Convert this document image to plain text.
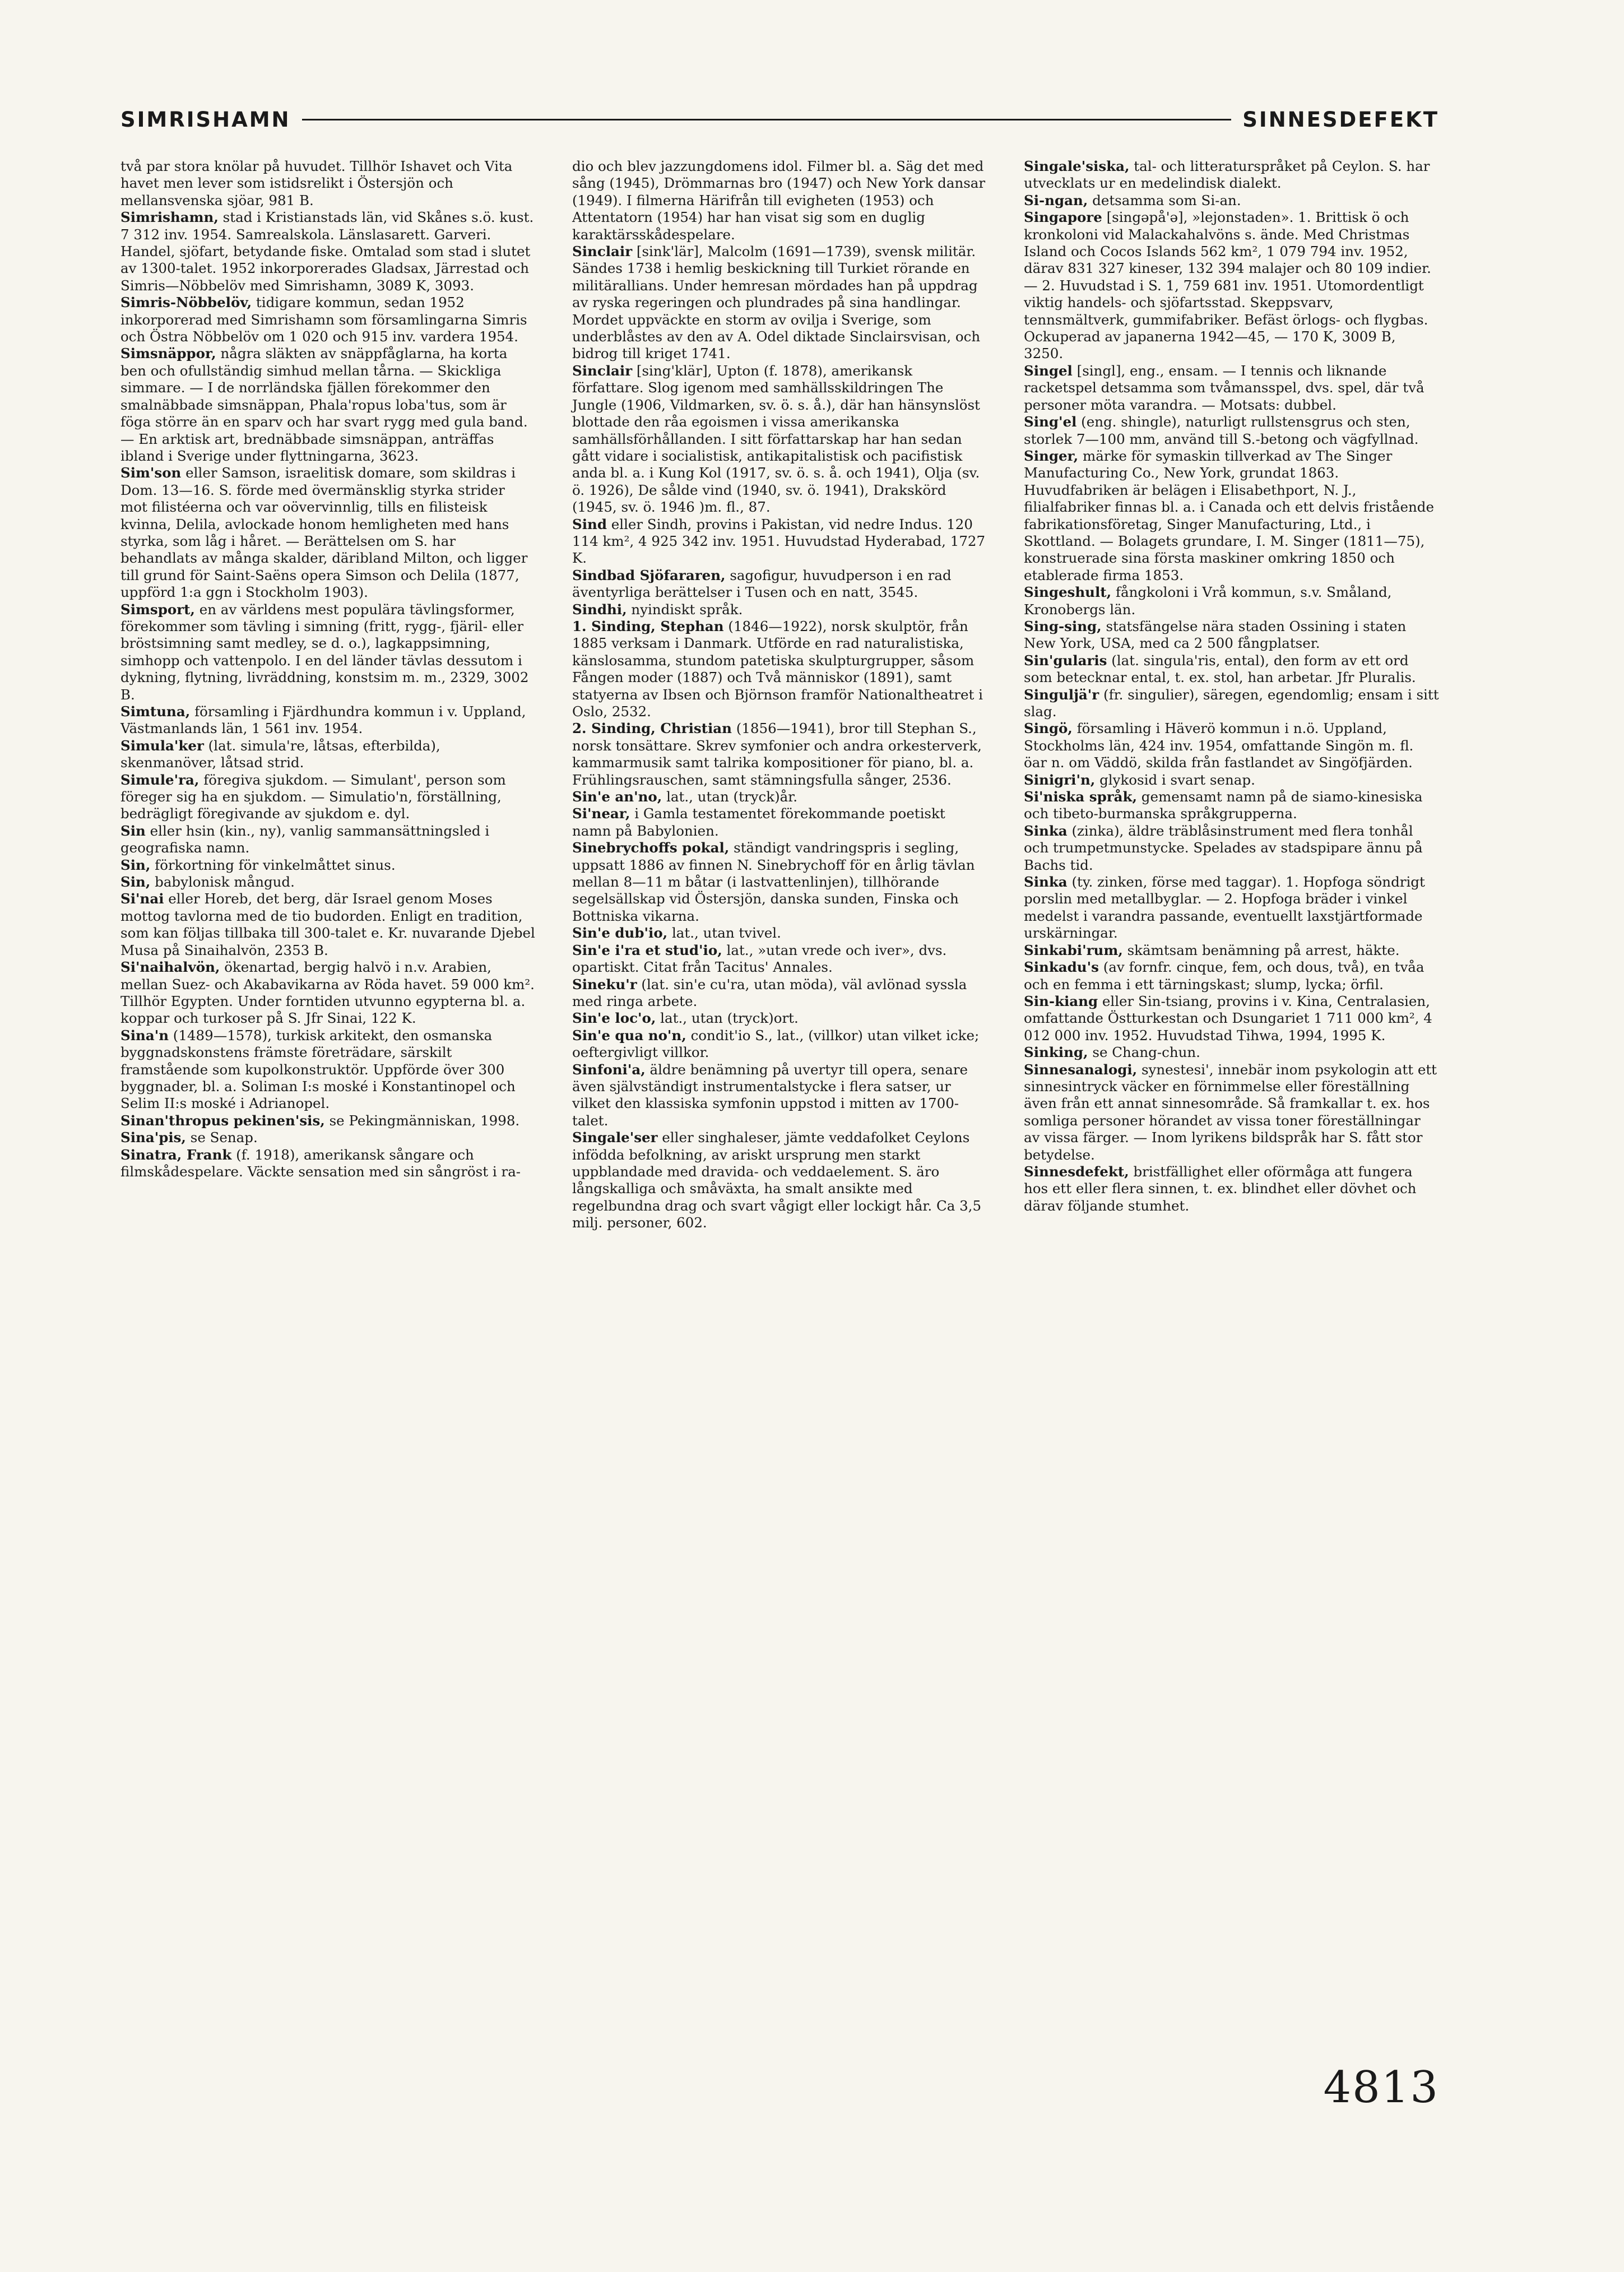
SIMRISHAMN	SINNESDEFEKT

två par stora knölar på huvudet. Tillhör Ishavet och Vita havet men lever som istidsrelikt i Östersjön och mellansvenska sjöar, 981 B.

Simrishamn, stad i Kristianstads län, vid Skånes s.ö. kust. 7 312 inv. 1954. Samrealskola. Länslasarett. Garveri. Handel, sjöfart, betydande fiske. Omtalad som stad i slutet av 1300-talet. 1952 inkorporerades Gladsax, Järrestad och Simris—Nöbbelöv med Simrishamn, 3089 K, 3093.

Simris-Nöbbelöv, tidigare kommun, sedan 1952 inkorporerad med Simrishamn som församlingarna Simris och Östra Nöbbelöv om 1 020 och 915 inv. vardera 1954.

Simsnäppor, några släkten av snäppfåglarna, ha korta ben och ofullständig simhud mellan tårna. — Skickliga simmare. — I de norrländska fjällen förekommer den smalnäbbade simsnäppan, Phala'ropus loba'tus, som är föga större än en sparv och har svart rygg med gula band. — En arktisk art, brednäbbade simsnäppan, anträffas ibland i Sverige under flyttningarna, 3623.

Sim'son eller Samson, israelitisk domare, som skildras i Dom. 13—16. S. förde med övermänsklig styrka strider mot filistéerna och var oövervinnlig, tills en filisteisk kvinna, Delila, avlockade honom hemligheten med hans styrka, som låg i håret. — Berättelsen om S. har behandlats av många skalder, däribland Milton, och ligger till grund för Saint-Saëns opera Simson och Delila (1877, uppförd 1:a ggn i Stockholm 1903).

Simsport, en av världens mest populära tävlingsformer, förekommer som tävling i simning (fritt, rygg-, fjäril- eller bröstsimning samt medley, se d. o.), lagkappsimning, simhopp och vattenpolo. I en del länder tävlas dessutom i dykning, flytning, livräddning, konstsim m. m., 2329, 3002 B.

Simtuna, församling i Fjärdhundra kommun i v. Uppland, Västmanlands län, 1 561 inv. 1954.

Simula'ker (lat. simula're, låtsas, efterbilda), skenmanöver, låtsad strid.

Simule'ra, föregiva sjukdom. — Simulant', person som föreger sig ha en sjukdom. — Simulatio'n, förställning, bedrägligt föregivande av sjukdom e. dyl.

Sin eller hsin (kin., ny), vanlig sammansättningsled i geografiska namn.

Sin, förkortning för vinkelmåttet sinus.

Sin, babylonisk mångud.

Si'nai eller Horeb, det berg, där Israel genom Moses mottog tavlorna med de tio budorden. Enligt en tradition, som kan följas tillbaka till 300-talet e. Kr. nuvarande Djebel Musa på Sinaihalvön, 2353 B.

Si'naihalvön, ökenartad, bergig halvö i n.v. Arabien, mellan Suez- och Akabavikarna av Röda havet. 59 000 km². Tillhör Egypten. Under forntiden utvunno egypterna bl. a. koppar och turkoser på S. Jfr Sinai, 122 K.

Sina'n (1489—1578), turkisk arkitekt, den osmanska byggnadskonstens främste företrädare, särskilt framstående som kupolkonstruktör. Uppförde över 300 byggnader, bl. a. Soliman I:s moské i Konstantinopel och Selim II:s moské i Adrianopel.

Sinan'thropus pekinen'sis, se Pekingmänniskan, 1998.

Sina'pis, se Senap.

Sinatra, Frank (f. 1918), amerikansk sångare och filmskådespelare. Väckte sensation med sin sångröst i ra-

dio och blev jazzungdomens idol. Filmer bl. a. Säg det med sång (1945), Drömmarnas bro (1947) och New York dansar (1949). I filmerna Härifrån till evigheten (1953) och Attentatorn (1954) har han visat sig som en duglig karaktärsskådespelare.

Sinclair [sink'lär], Malcolm (1691—1739), svensk militär. Sändes 1738 i hemlig beskickning till Turkiet rörande en militärallians. Under hemresan mördades han på uppdrag av ryska regeringen och plundrades på sina handlingar. Mordet uppväckte en storm av ovilja i Sverige, som underblåstes av den av A. Odel diktade Sinclairsvisan, och bidrog till kriget 1741.

Sinclair [sing'klär], Upton (f. 1878), amerikansk författare. Slog igenom med samhällsskildringen The Jungle (1906, Vildmarken, sv. ö. s. å.), där han hänsynslöst blottade den råa egoismen i vissa amerikanska samhällsförhållanden. I sitt författarskap har han sedan gått vidare i socialistisk, antikapitalistisk och pacifistisk anda bl. a. i Kung Kol (1917, sv. ö. s. å. och 1941), Olja (sv. ö. 1926), De sålde vind (1940, sv. ö. 1941), Drakskörd (1945, sv. ö. 1946 )m. fl., 87.

Sind eller Sindh, provins i Pakistan, vid nedre Indus. 120 114 km², 4 925 342 inv. 1951. Huvudstad Hyderabad, 1727 K.

Sindbad Sjöfararen, sagofigur, huvudperson i en rad äventyrliga berättelser i Tusen och en natt, 3545.

Sindhi, nyindiskt språk.

1. Sinding, Stephan (1846—1922), norsk skulptör, från 1885 verksam i Danmark. Utförde en rad naturalistiska, känslosamma, stundom patetiska skulpturgrupper, såsom Fången moder (1887) och Två människor (1891), samt statyerna av Ibsen och Björnson framför Nationaltheatret i Oslo, 2532.

2. Sinding, Christian (1856—1941), bror till Stephan S., norsk tonsättare. Skrev symfonier och andra orkesterverk, kammarmusik samt talrika kompositioner för piano, bl. a. Frühlingsrauschen, samt stämningsfulla sånger, 2536.

Sin'e an'no, lat., utan (tryck)år.

Si'near, i Gamla testamentet förekommande poetiskt namn på Babylonien.

Sinebrychoffs pokal, ständigt vandringspris i segling, uppsatt 1886 av finnen N. Sinebrychoff för en årlig tävlan mellan 8—11 m båtar (i lastvattenlinjen), tillhörande segelsällskap vid Östersjön, danska sunden, Finska och Bottniska vikarna.

Sin'e dub'io, lat., utan tvivel.

Sin'e i'ra et stud'io, lat., »utan vrede och iver», dvs. opartiskt. Citat från Tacitus' Annales.

Sineku'r (lat. sin'e cu'ra, utan möda), väl avlönad syssla med ringa arbete.

Sin'e loc'o, lat., utan (tryck)ort.

Sin'e qua no'n, condit'io S., lat., (villkor) utan vilket icke; oeftergivligt villkor.

Sinfoni'a, äldre benämning på uvertyr till opera, senare även självständigt instrumentalstycke i flera satser, ur vilket den klassiska symfonin uppstod i mitten av 1700-talet.

Singale'ser eller singhaleser, jämte veddafolket Ceylons infödda befolkning, av ariskt ursprung men starkt uppblandade med dravida- och veddaelement. S. äro långskalliga och småväxta, ha smalt ansikte med regelbundna drag och svart vågigt eller lockigt hår. Ca 3,5 milj. personer, 602.

Singale'siska, tal- och litteraturspråket på Ceylon. S. har utvecklats ur en medelindisk dialekt.

Si-ngan, detsamma som Si-an.

Singapore [singəpå'ə], »lejonstaden». 1. Brittisk ö och kronkoloni vid Malackahalvöns s. ände. Med Christmas Island och Cocos Islands 562 km², 1 079 794 inv. 1952, därav 831 327 kineser, 132 394 malajer och 80 109 indier. — 2. Huvudstad i S. 1, 759 681 inv. 1951. Utomordentligt viktig handels- och sjöfartsstad. Skeppsvarv, tennsmältverk, gummifabriker. Befäst örlogs- och flygbas. Ockuperad av japanerna 1942—45, — 170 K, 3009 B, 3250.

Singel [singl], eng., ensam. — I tennis och liknande racketspel detsamma som tvåmansspel, dvs. spel, där två personer möta varandra. — Motsats: dubbel.

Sing'el (eng. shingle), naturligt rullstensgrus och sten, storlek 7—100 mm, använd till S.-betong och vägfyllnad.

Singer, märke för symaskin tillverkad av The Singer Manufacturing Co., New York, grundat 1863. Huvudfabriken är belägen i Elisabethport, N. J., filialfabriker finnas bl. a. i Canada och ett delvis fristående fabrikationsföretag, Singer Manufacturing, Ltd., i Skottland. — Bolagets grundare, I. M. Singer (1811—75), konstruerade sina första maskiner omkring 1850 och etablerade firma 1853.

Singeshult, fångkoloni i Vrå kommun, s.v. Småland, Kronobergs län.

Sing-sing, statsfängelse nära staden Ossining i staten New York, USA, med ca 2 500 fångplatser.

Sin'gularis (lat. singula'ris, ental), den form av ett ord som betecknar ental, t. ex. stol, han arbetar. Jfr Pluralis.

Singuljä'r (fr. singulier), säregen, egendomlig; ensam i sitt slag.

Singö, församling i Häverö kommun i n.ö. Uppland, Stockholms län, 424 inv. 1954, omfattande Singön m. fl. öar n. om Väddö, skilda från fastlandet av Singöfjärden.

Sinigri'n, glykosid i svart senap.

Si'niska språk, gemensamt namn på de siamo-kinesiska och tibeto-burmanska språkgrupperna.

Sinka (zinka), äldre träblåsinstrument med flera tonhål och trumpetmunstycke. Spelades av stadspipare ännu på Bachs tid.

Sinka (ty. zinken, förse med taggar). 1. Hopfoga söndrigt porslin med metallbyglar. — 2. Hopfoga bräder i vinkel medelst i varandra passande, eventuellt laxstjärtformade urskärningar.

Sinkabi'rum, skämtsam benämning på arrest, häkte.

Sinkadu's (av fornfr. cinque, fem, och dous, två), en tvåa och en femma i ett tärningskast; slump, lycka; örfil.

Sin-kiang eller Sin-tsiang, provins i v. Kina, Centralasien, omfattande Östturkestan och Dsungariet 1 711 000 km², 4 012 000 inv. 1952. Huvudstad Tihwa, 1994, 1995 K.

Sinking, se Chang-chun.

Sinnesanalogi, synestesi', innebär inom psykologin att ett sinnesintryck väcker en förnimmelse eller föreställning även från ett annat sinnesområde. Så framkallar t. ex. hos somliga personer hörandet av vissa toner föreställningar av vissa färger. — Inom lyrikens bildspråk har S. fått stor betydelse.

Sinnesdefekt, bristfällighet eller oförmåga att fungera hos ett eller flera sinnen, t. ex. blindhet eller dövhet och därav följande stumhet.

4813
